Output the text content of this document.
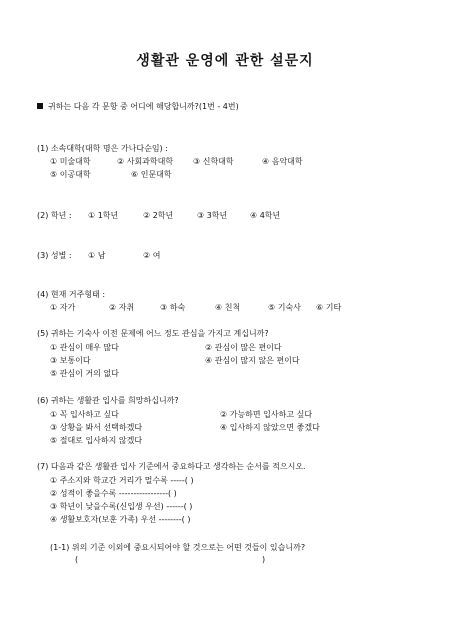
생활관 운영에 관한 설문지
귀하는 다음 각 문항 중 어디에 해당합니까?(1번 - 4번)
(1) 소속대학(대학 명은 가나다순임) :
① 미술대학	② 사회과학대학 ③ 신학대학	④ 음악대학
⑤ 이공대학	⑥ 인문대학
(2) 학년 : ① 1학년	② 2학년	③ 3학년	④ 4학년
(3) 성별 : ① 남	② 여
(4) 현재 거주형태 :
① 자가	② 자취	③ 하숙	④ 친척	⑤ 기숙사 ⑥ 기타
(5) 귀하는 기숙사 이전 문제에 어느 정도 관심을 가지고 계십니까?
① 관심이 매우 많다	② 관심이 많은 편이다
③ 보통이다	④ 관심이 많지 않은 편이다
⑤ 관심이 거의 없다
(6) 귀하는 생활관 입사를 희망하십니까?
① 꼭 입사하고 싶다	② 가능하면 입사하고 싶다
③ 상황을 봐서 선택하겠다	④ 입사하지 않았으면 좋겠다
⑤ 절대로 입사하지 않겠다
(7) 다음과 같은 생활관 입사 기준에서 중요하다고 생각하는 순서를 적으시오.
① 주소지와 학교간 거리가 멀수록 -----( )
② 성적이 좋을수록 -----------------( )
③ 학년이 낮을수록(신입생 우선) ------( )
④ 생활보호자(보훈 가족) 우선 --------( )
(1-1) 위의 기준 이외에 중요시되어야 할 것으로는 어떤 것들이 있습니까?
(	)
